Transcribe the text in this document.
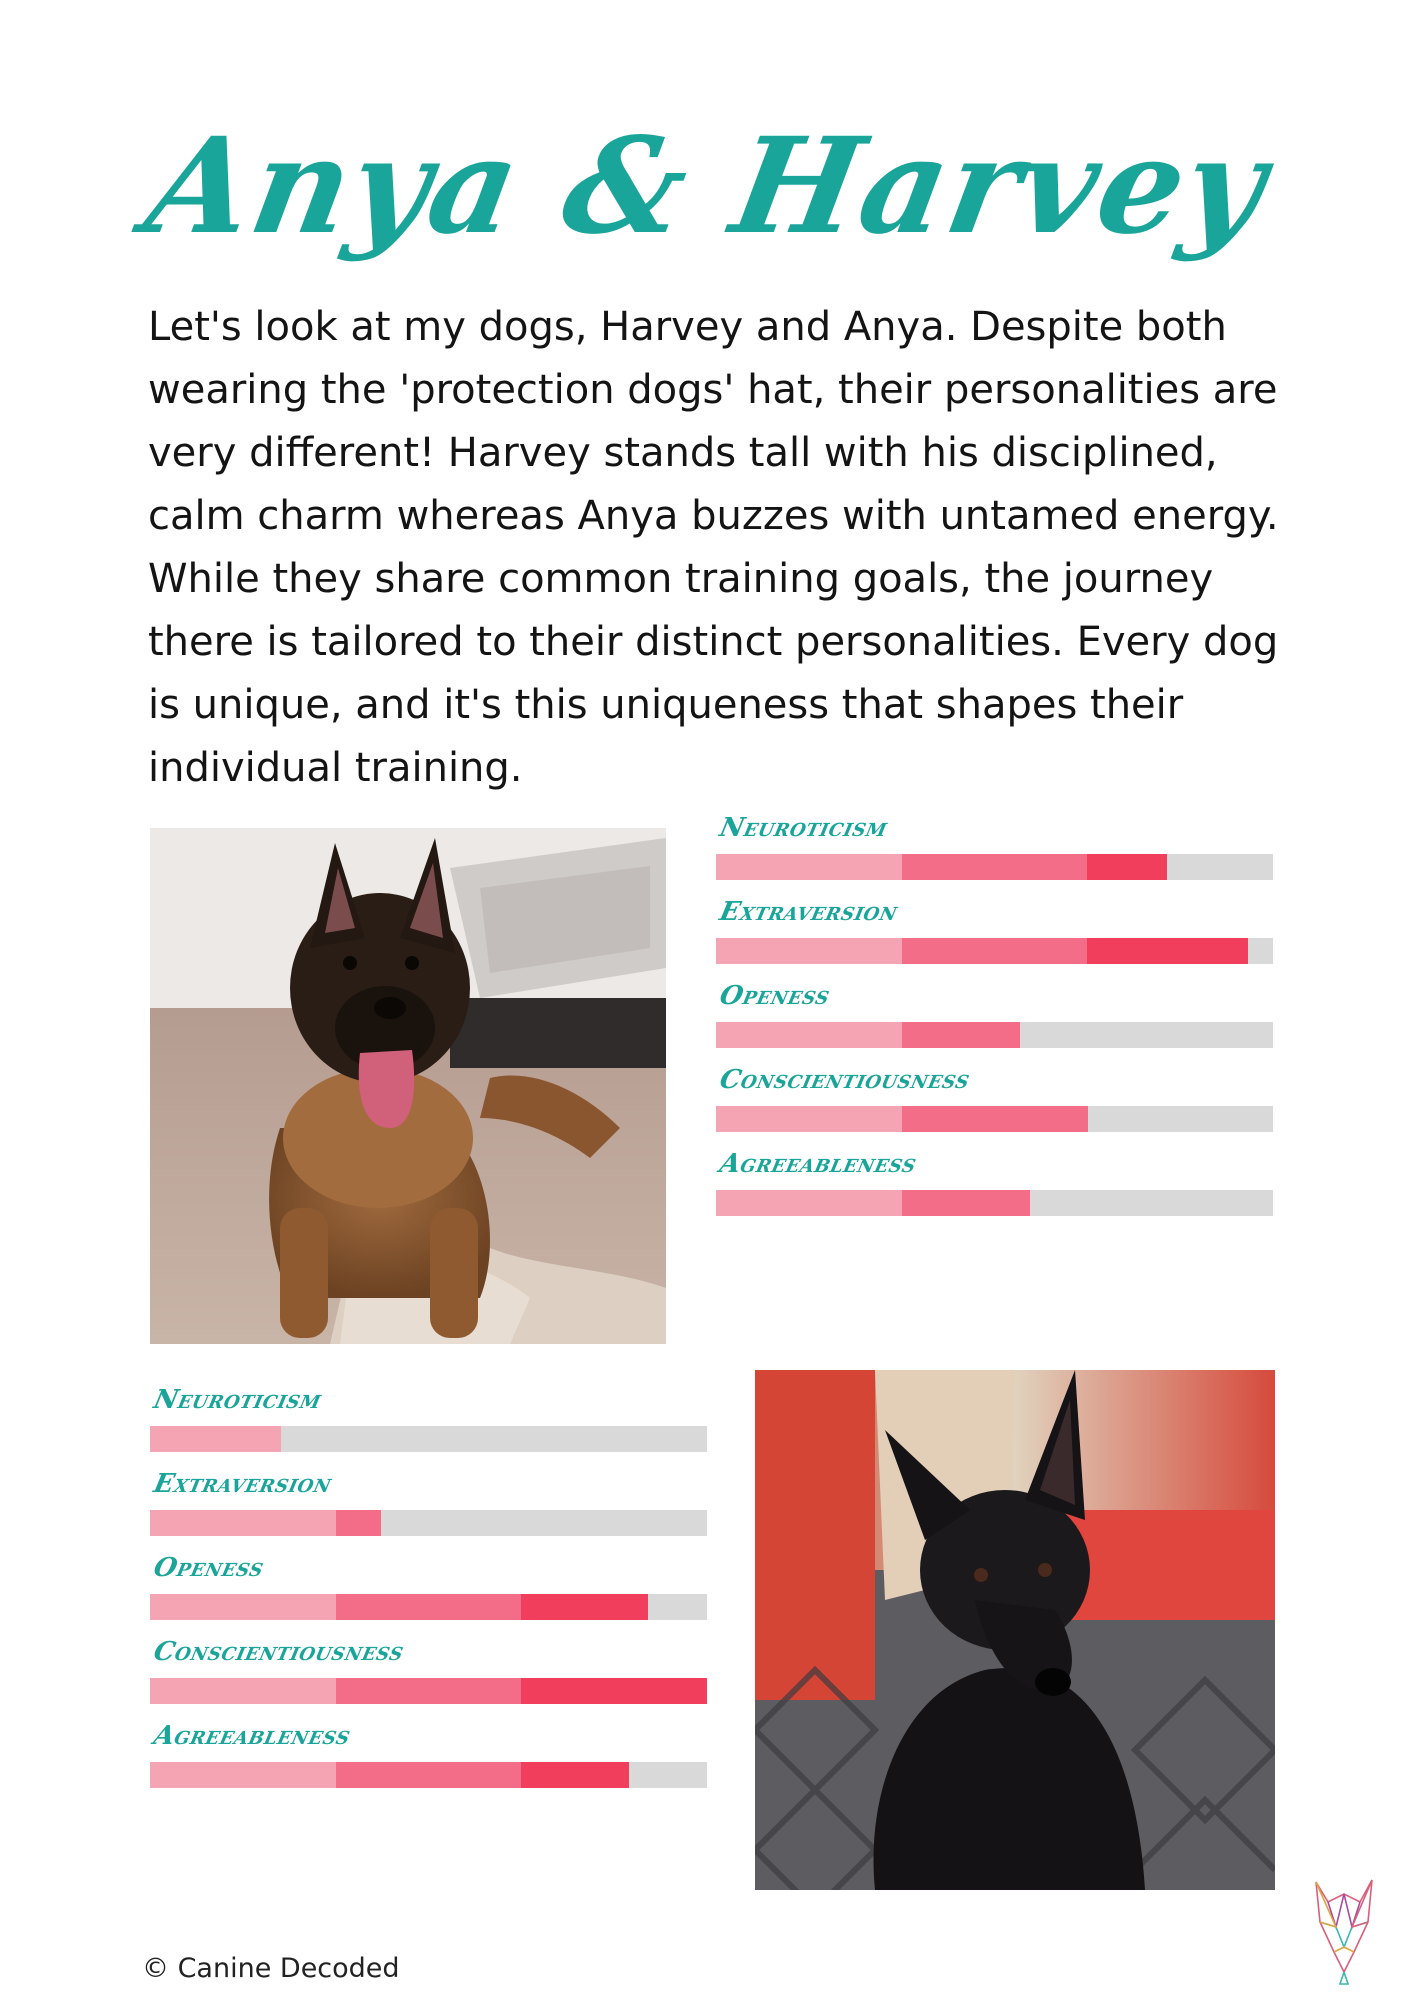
Anya & Harvey

Let's look at my dogs, Harvey and Anya. Despite both wearing the 'protection dogs' hat, their personalities are very different! Harvey stands tall with his disciplined, calm charm whereas Anya buzzes with untamed energy. While they share common training goals, the journey there is tailored to their distinct personalities. Every dog is unique, and it's this uniqueness that shapes their individual training.

Neuroticism
Extraversion
Openess
Conscientiousness
Agreeableness
Neuroticism
Extraversion
Openess
Conscientiousness
Agreeableness
© Canine Decoded
